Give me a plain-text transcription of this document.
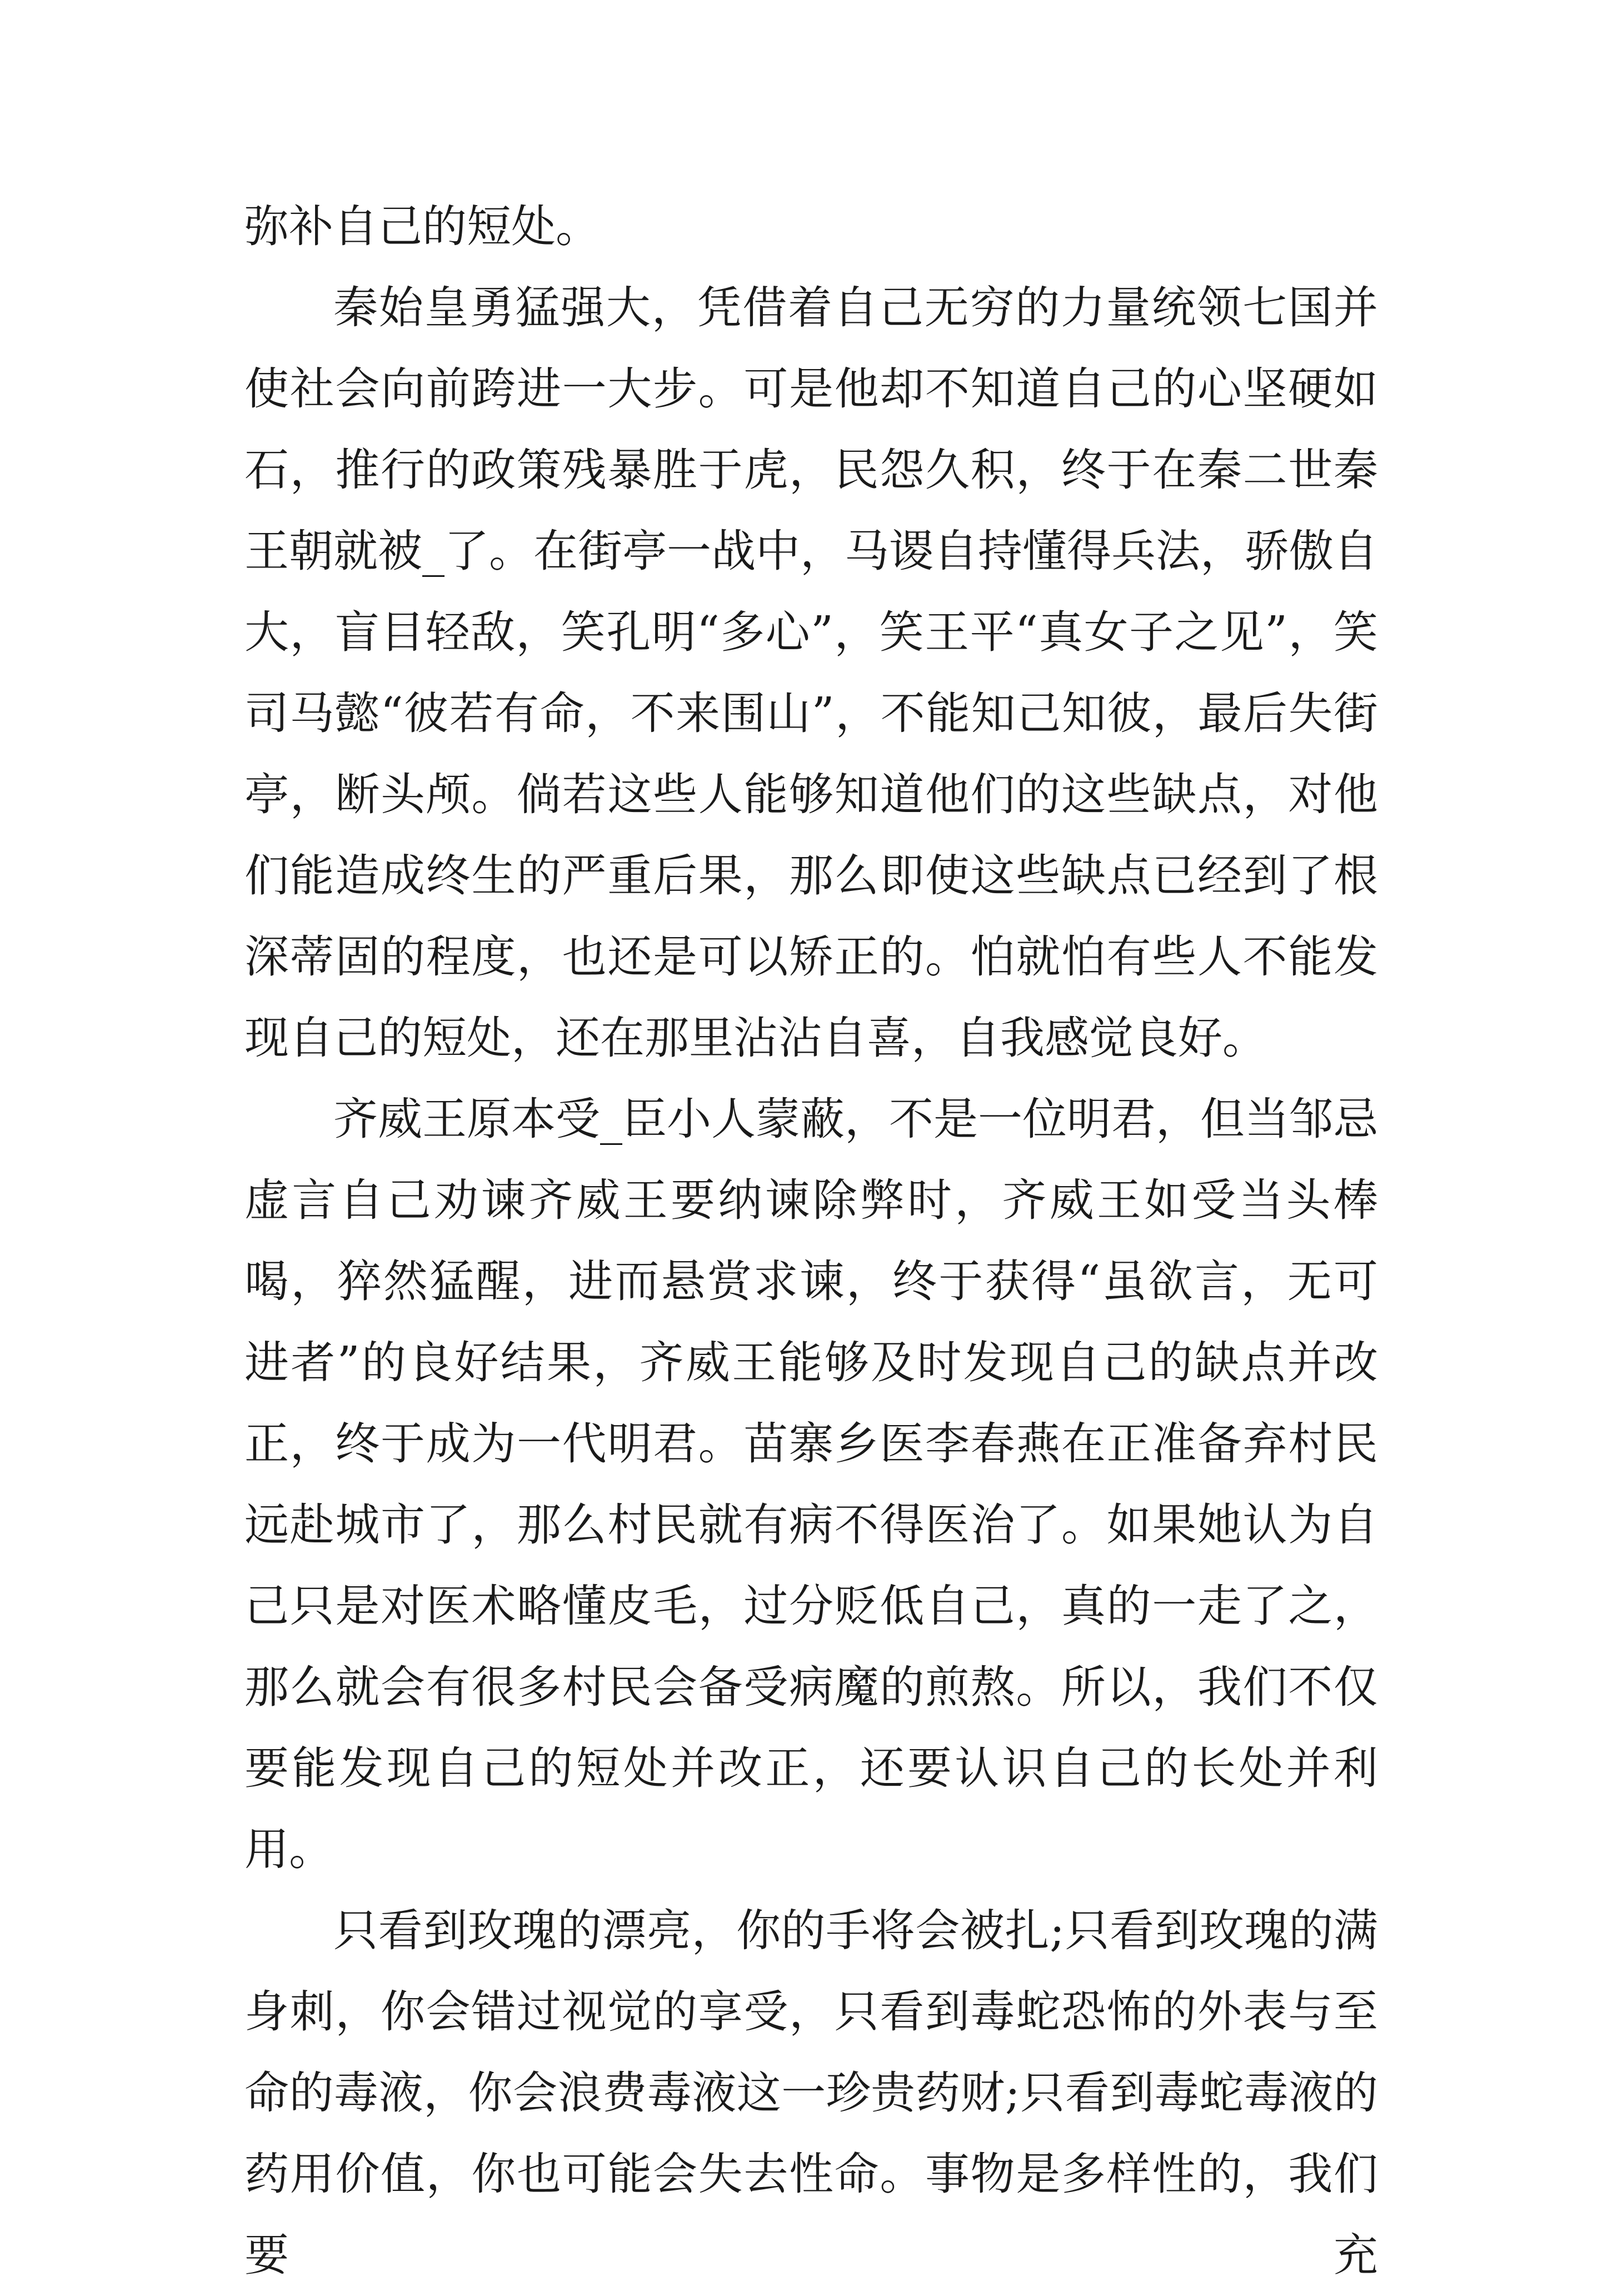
弥补自己的短处。

秦始皇勇猛强大，凭借着自己无穷的力量统领七国并使社会向前跨进一大步。可是他却不知道自己的心坚硬如石，推行的政策残暴胜于虎，民怨久积，终于在秦二世秦王朝就被_了。在街亭一战中，马谡自持懂得兵法，骄傲自大，盲目轻敌，笑孔明“多心”，笑王平“真女子之见”，笑司马懿“彼若有命，不来围山”，不能知己知彼，最后失街亭，断头颅。倘若这些人能够知道他们的这些缺点，对他们能造成终生的严重后果，那么即使这些缺点已经到了根深蒂固的程度，也还是可以矫正的。怕就怕有些人不能发现自己的短处，还在那里沾沾自喜，自我感觉良好。

齐威王原本受_臣小人蒙蔽，不是一位明君，但当邹忌虚言自己劝谏齐威王要纳谏除弊时，齐威王如受当头棒喝，猝然猛醒，进而悬赏求谏，终于获得“虽欲言，无可进者”的良好结果，齐威王能够及时发现自己的缺点并改正，终于成为一代明君。苗寨乡医李春燕在正准备弃村民远赴城市了，那么村民就有病不得医治了。如果她认为自己只是对医术略懂皮毛，过分贬低自己，真的一走了之，那么就会有很多村民会备受病魔的煎熬。所以，我们不仅要能发现自己的短处并改正，还要认识自己的长处并利用。

只看到玫瑰的漂亮，你的手将会被扎;只看到玫瑰的满身刺，你会错过视觉的享受，只看到毒蛇恐怖的外表与至命的毒液，你会浪费毒液这一珍贵药财;只看到毒蛇毒液的药用价值，你也可能会失去性命。事物是多样性的，我们要充
